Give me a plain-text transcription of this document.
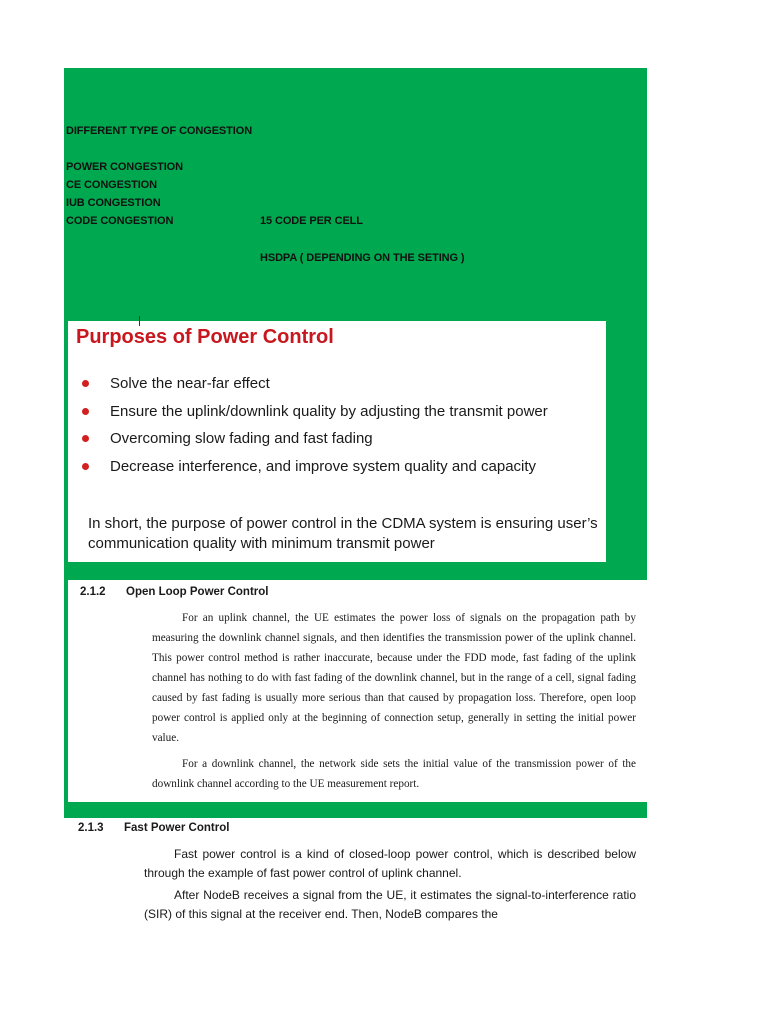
DIFFERENT TYPE OF CONGESTION
POWER CONGESTION
CE CONGESTION
IUB CONGESTION
CODE CONGESTION	15 CODE PER CELL
HSDPA ( DEPENDING ON THE SETING )
Purposes of Power Control
Solve the near-far effect
Ensure the uplink/downlink quality by adjusting the transmit power
Overcoming slow fading and fast fading
Decrease interference, and improve system quality and capacity
In short, the purpose of power control in the CDMA system is ensuring user’s communication quality with minimum transmit power
2.1.2 Open Loop Power Control

For an uplink channel, the UE estimates the power loss of signals on the propagation path by measuring the downlink channel signals, and then identifies the transmission power of the uplink channel. This power control method is rather inaccurate, because under the FDD mode, fast fading of the uplink channel has nothing to do with fast fading of the downlink channel, but in the range of a cell, signal fading caused by fast fading is usually more serious than that caused by propagation loss. Therefore, open loop power control is applied only at the beginning of connection setup, generally in setting the initial power value.

For a downlink channel, the network side sets the initial value of the transmission power of the downlink channel according to the UE measurement report.

2.1.3 Fast Power Control

Fast power control is a kind of closed-loop power control, which is described below through the example of fast power control of uplink channel.

After NodeB receives a signal from the UE, it estimates the signal-to-interference ratio (SIR) of this signal at the receiver end. Then, NodeB compares the
